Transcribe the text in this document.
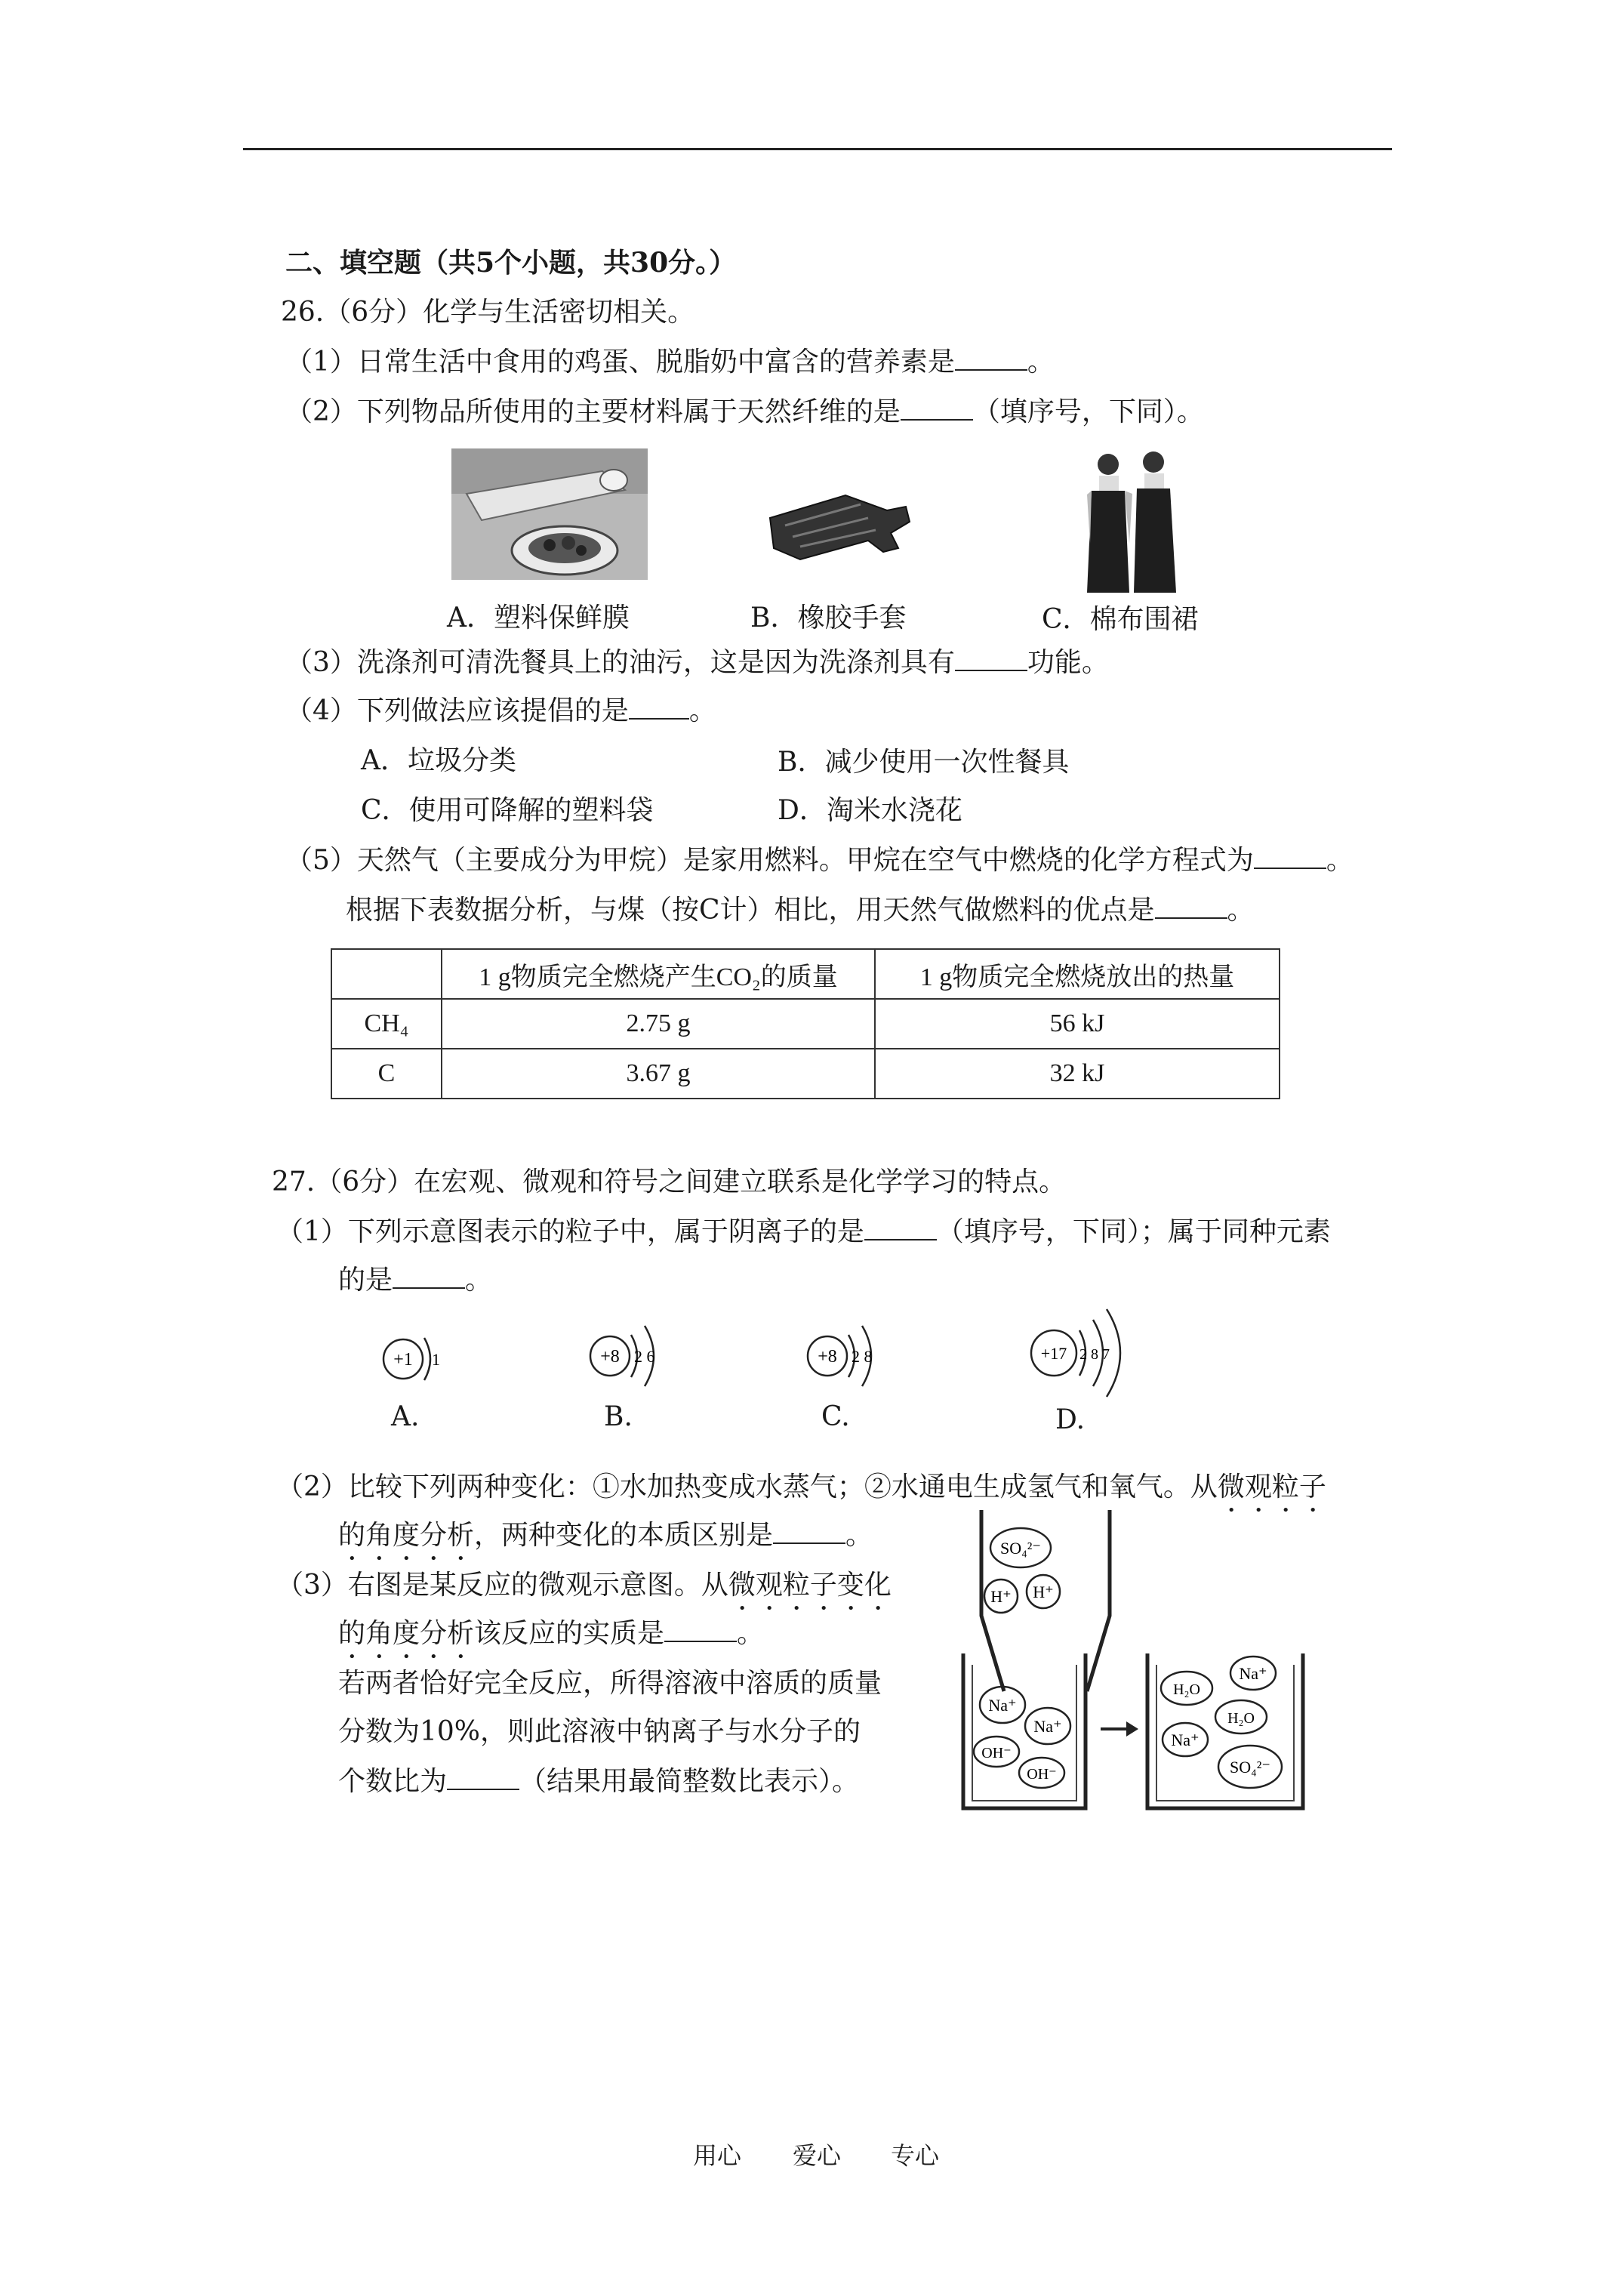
二、填空题（共5个小题，共30分。）
26.（6分）化学与生活密切相关。
（1）日常生活中食用的鸡蛋、脱脂奶中富含的营养素是	。
（2）下列物品所使用的主要材料属于天然纤维的是	（填序号，下同）。
A．塑料保鲜膜	B．橡胶手套	C．棉布围裙
（3）洗涤剂可清洗餐具上的油污，这是因为洗涤剂具有	功能。
（4）下列做法应该提倡的是 。
A．垃圾分类	B．减少使用一次性餐具
C．使用可降解的塑料袋	D．淘米水浇花
（5）天然气（主要成分为甲烷）是家用燃料。甲烷在空气中燃烧的化学方程式为	。
根据下表数据分析，与煤（按C计）相比，用天然气做燃料的优点是	。
	1 g物质完全燃烧产生CO₂的质量	1 g物质完全燃烧放出的热量
CH₄	2.75 g	56 kJ
C	3.67 g	32 kJ
27.（6分）在宏观、微观和符号之间建立联系是化学学习的特点。
（1）下列示意图表示的粒子中，属于阴离子的是	（填序号，下同）；属于同种元素
的是	。
+1 1
A.
+8 2 6
B.
+8 2 8
C.
+17 2 8 7
D.
（2）比较下列两种变化：①水加热变成水蒸气；②水通电生成氢气和氧气。从微观粒子
的角度分析，两种变化的本质区别是	。
（3）右图是某反应的微观示意图。从微观粒子变化
的角度分析该反应的实质是	。
若两者恰好完全反应，所得溶液中溶质的质量
分数为10%，则此溶液中钠离子与水分子的
个数比为	（结果用最简整数比表示）。
SO₄²⁻
H⁺ H⁺
Na⁺
Na⁺
OH⁻
OH⁻
H₂O
Na⁺
H₂O
Na⁺
SO₄²⁻
用心 爱心 专心
